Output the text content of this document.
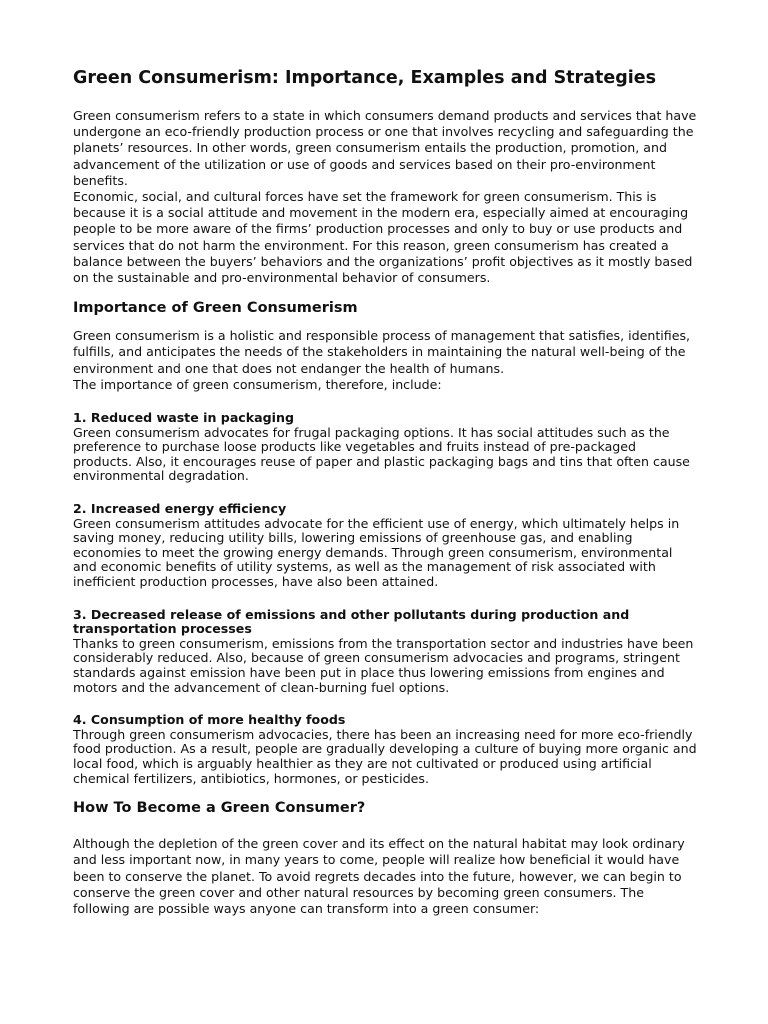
Green Consumerism: Importance, Examples and Strategies

Green consumerism refers to a state in which consumers demand products and services that have undergone an eco-friendly production process or one that involves recycling and safeguarding the planets’ resources. In other words, green consumerism entails the production, promotion, and advancement of the utilization or use of goods and services based on their pro-environment benefits.

Economic, social, and cultural forces have set the framework for green consumerism. This is because it is a social attitude and movement in the modern era, especially aimed at encouraging people to be more aware of the firms’ production processes and only to buy or use products and services that do not harm the environment. For this reason, green consumerism has created a balance between the buyers’ behaviors and the organizations’ profit objectives as it mostly based on the sustainable and pro-environmental behavior of consumers.

Importance of Green Consumerism

Green consumerism is a holistic and responsible process of management that satisfies, identifies, fulfills, and anticipates the needs of the stakeholders in maintaining the natural well-being of the environment and one that does not endanger the health of humans.

The importance of green consumerism, therefore, include:

1. Reduced waste in packaging

Green consumerism advocates for frugal packaging options. It has social attitudes such as the preference to purchase loose products like vegetables and fruits instead of pre-packaged products. Also, it encourages reuse of paper and plastic packaging bags and tins that often cause environmental degradation.

2. Increased energy efficiency

Green consumerism attitudes advocate for the efficient use of energy, which ultimately helps in saving money, reducing utility bills, lowering emissions of greenhouse gas, and enabling economies to meet the growing energy demands. Through green consumerism, environmental and economic benefits of utility systems, as well as the management of risk associated with inefficient production processes, have also been attained.

3. Decreased release of emissions and other pollutants during production and transportation processes

Thanks to green consumerism, emissions from the transportation sector and industries have been considerably reduced. Also, because of green consumerism advocacies and programs, stringent standards against emission have been put in place thus lowering emissions from engines and motors and the advancement of clean-burning fuel options.

4. Consumption of more healthy foods

Through green consumerism advocacies, there has been an increasing need for more eco-friendly food production. As a result, people are gradually developing a culture of buying more organic and local food, which is arguably healthier as they are not cultivated or produced using artificial chemical fertilizers, antibiotics, hormones, or pesticides.

How To Become a Green Consumer?

Although the depletion of the green cover and its effect on the natural habitat may look ordinary and less important now, in many years to come, people will realize how beneficial it would have been to conserve the planet. To avoid regrets decades into the future, however, we can begin to conserve the green cover and other natural resources by becoming green consumers. The following are possible ways anyone can transform into a green consumer:
